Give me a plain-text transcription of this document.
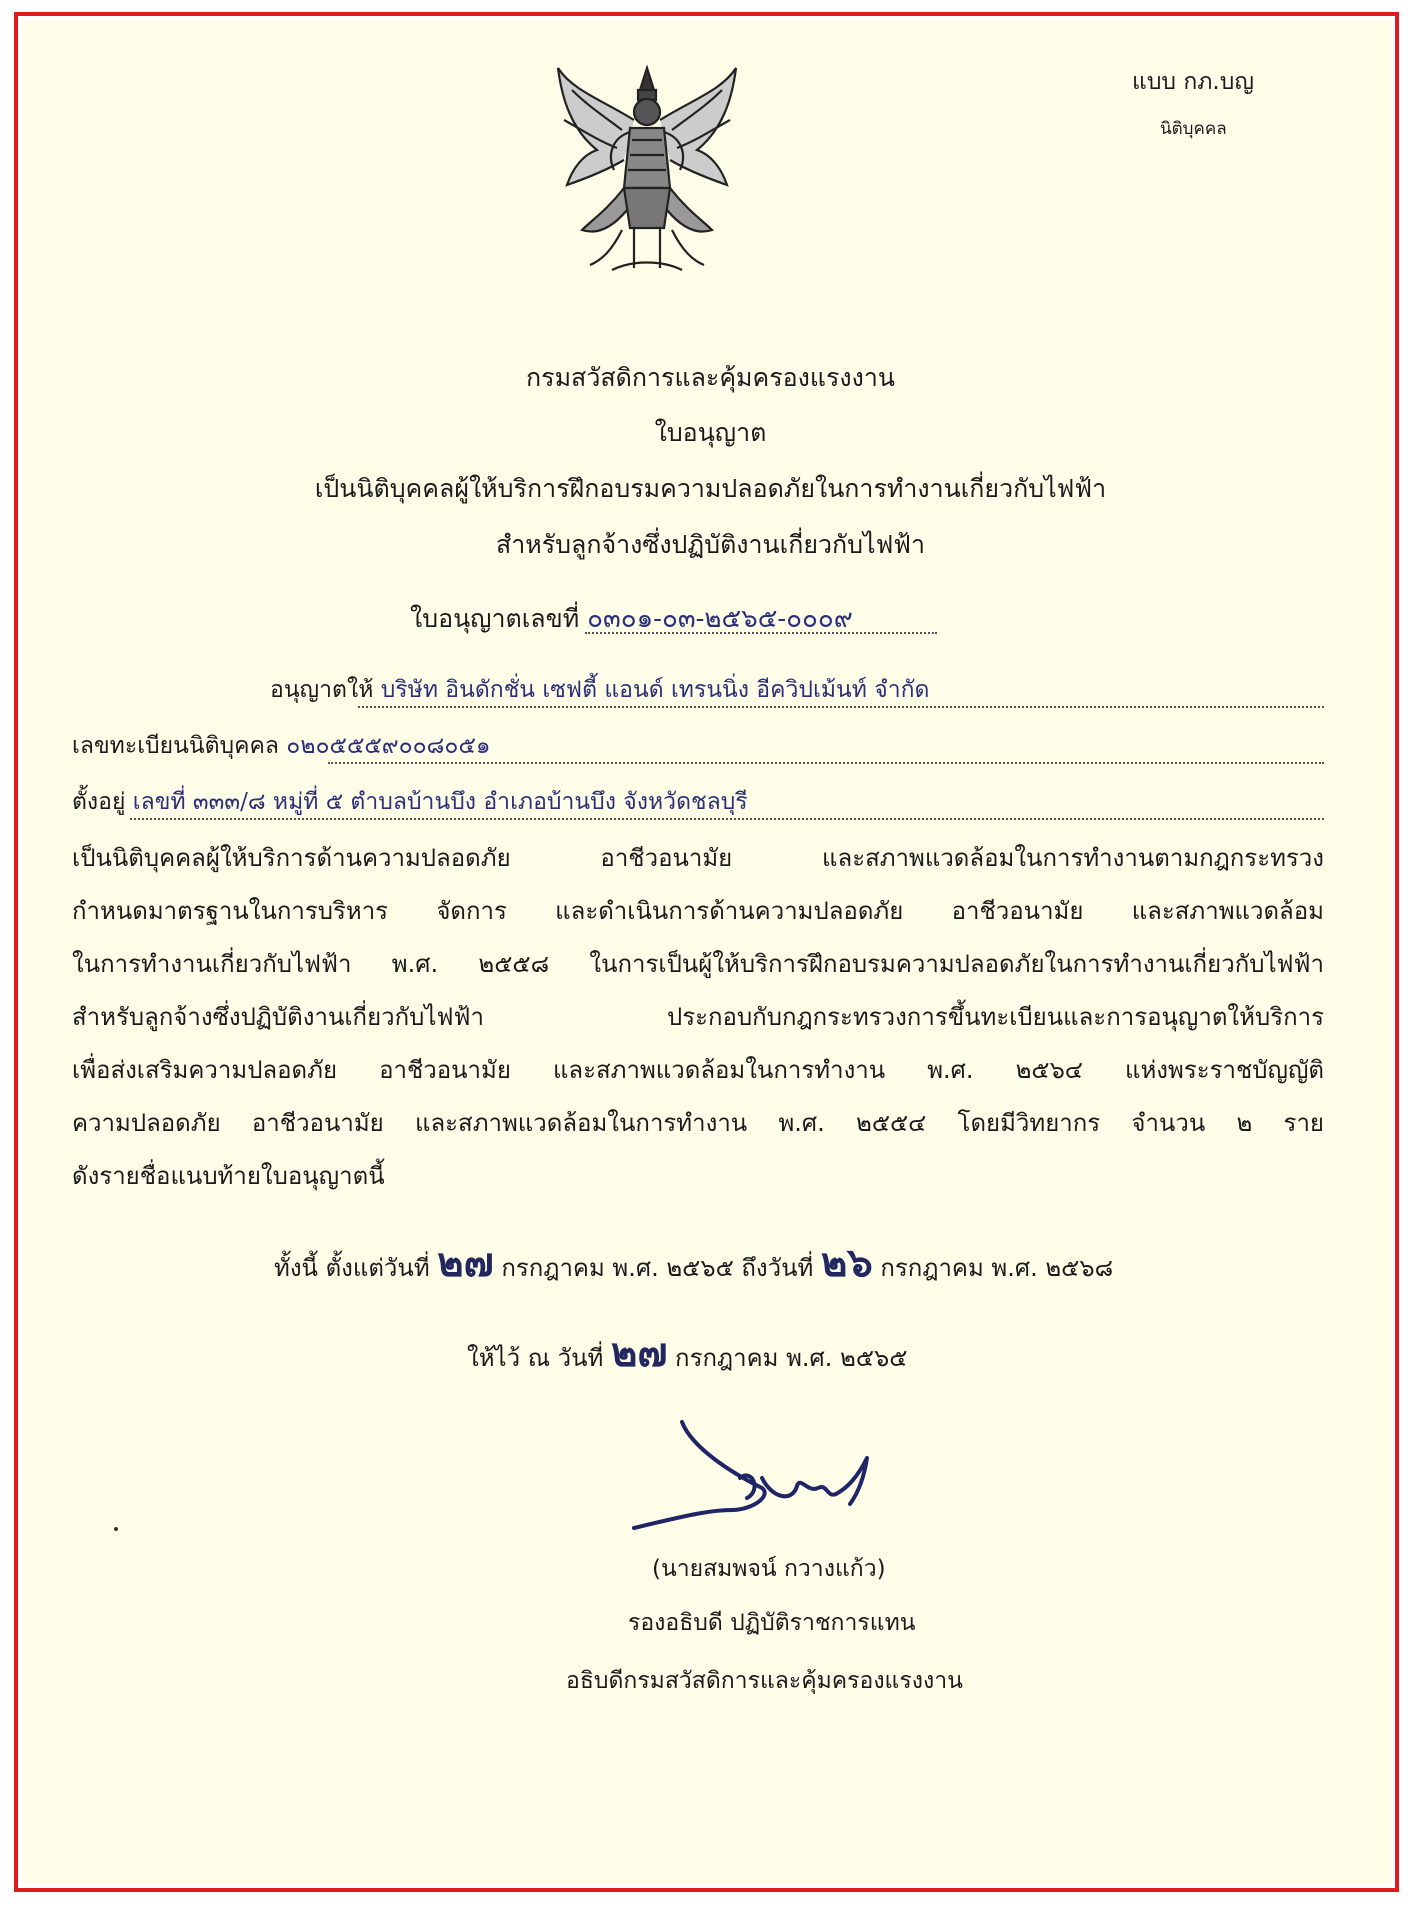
แบบ กภ.บญ
นิติบุคคล
กรมสวัสดิการและคุ้มครองแรงงาน
ใบอนุญาต
เป็นนิติบุคคลผู้ให้บริการฝึกอบรมความปลอดภัยในการทำงานเกี่ยวกับไฟฟ้า
สำหรับลูกจ้างซึ่งปฏิบัติงานเกี่ยวกับไฟฟ้า
ใบอนุญาตเลขที่ ๐๓๐๑-๐๓-๒๕๖๕-๐๐๐๙
อนุญาตให้ บริษัท อินดักชั่น เซฟตี้ แอนด์ เทรนนิ่ง อีควิปเม้นท์ จำกัด
เลขทะเบียนนิติบุคคล ๐๒๐๕๕๕๙๐๐๘๐๕๑
ตั้งอยู่ เลขที่ ๓๓๓/๘ หมู่ที่ ๕ ตำบลบ้านบึง อำเภอบ้านบึง จังหวัดชลบุรี
เป็นนิติบุคคลผู้ให้บริการด้านความปลอดภัย อาชีวอนามัย และสภาพแวดล้อมในการทำงานตามกฎกระทรวง
กำหนดมาตรฐานในการบริหาร จัดการ และดำเนินการด้านความปลอดภัย อาชีวอนามัย และสภาพแวดล้อม
ในการทำงานเกี่ยวกับไฟฟ้า พ.ศ. ๒๕๕๘ ในการเป็นผู้ให้บริการฝึกอบรมความปลอดภัยในการทำงานเกี่ยวกับไฟฟ้า
สำหรับลูกจ้างซึ่งปฏิบัติงานเกี่ยวกับไฟฟ้า ประกอบกับกฎกระทรวงการขึ้นทะเบียนและการอนุญาตให้บริการ
เพื่อส่งเสริมความปลอดภัย อาชีวอนามัย และสภาพแวดล้อมในการทำงาน พ.ศ. ๒๕๖๔ แห่งพระราชบัญญัติ
ความปลอดภัย อาชีวอนามัย และสภาพแวดล้อมในการทำงาน พ.ศ. ๒๕๕๔ โดยมีวิทยากร จำนวน ๒ ราย
ดังรายชื่อแนบท้ายใบอนุญาตนี้
ทั้งนี้ ตั้งแต่วันที่ ๒๗ กรกฎาคม พ.ศ. ๒๕๖๕ ถึงวันที่ ๒๖ กรกฎาคม พ.ศ. ๒๕๖๘
ให้ไว้ ณ วันที่ ๒๗ กรกฎาคม พ.ศ. ๒๕๖๕
(นายสมพจน์ กวางแก้ว)
รองอธิบดี ปฏิบัติราชการแทน
อธิบดีกรมสวัสดิการและคุ้มครองแรงงาน
